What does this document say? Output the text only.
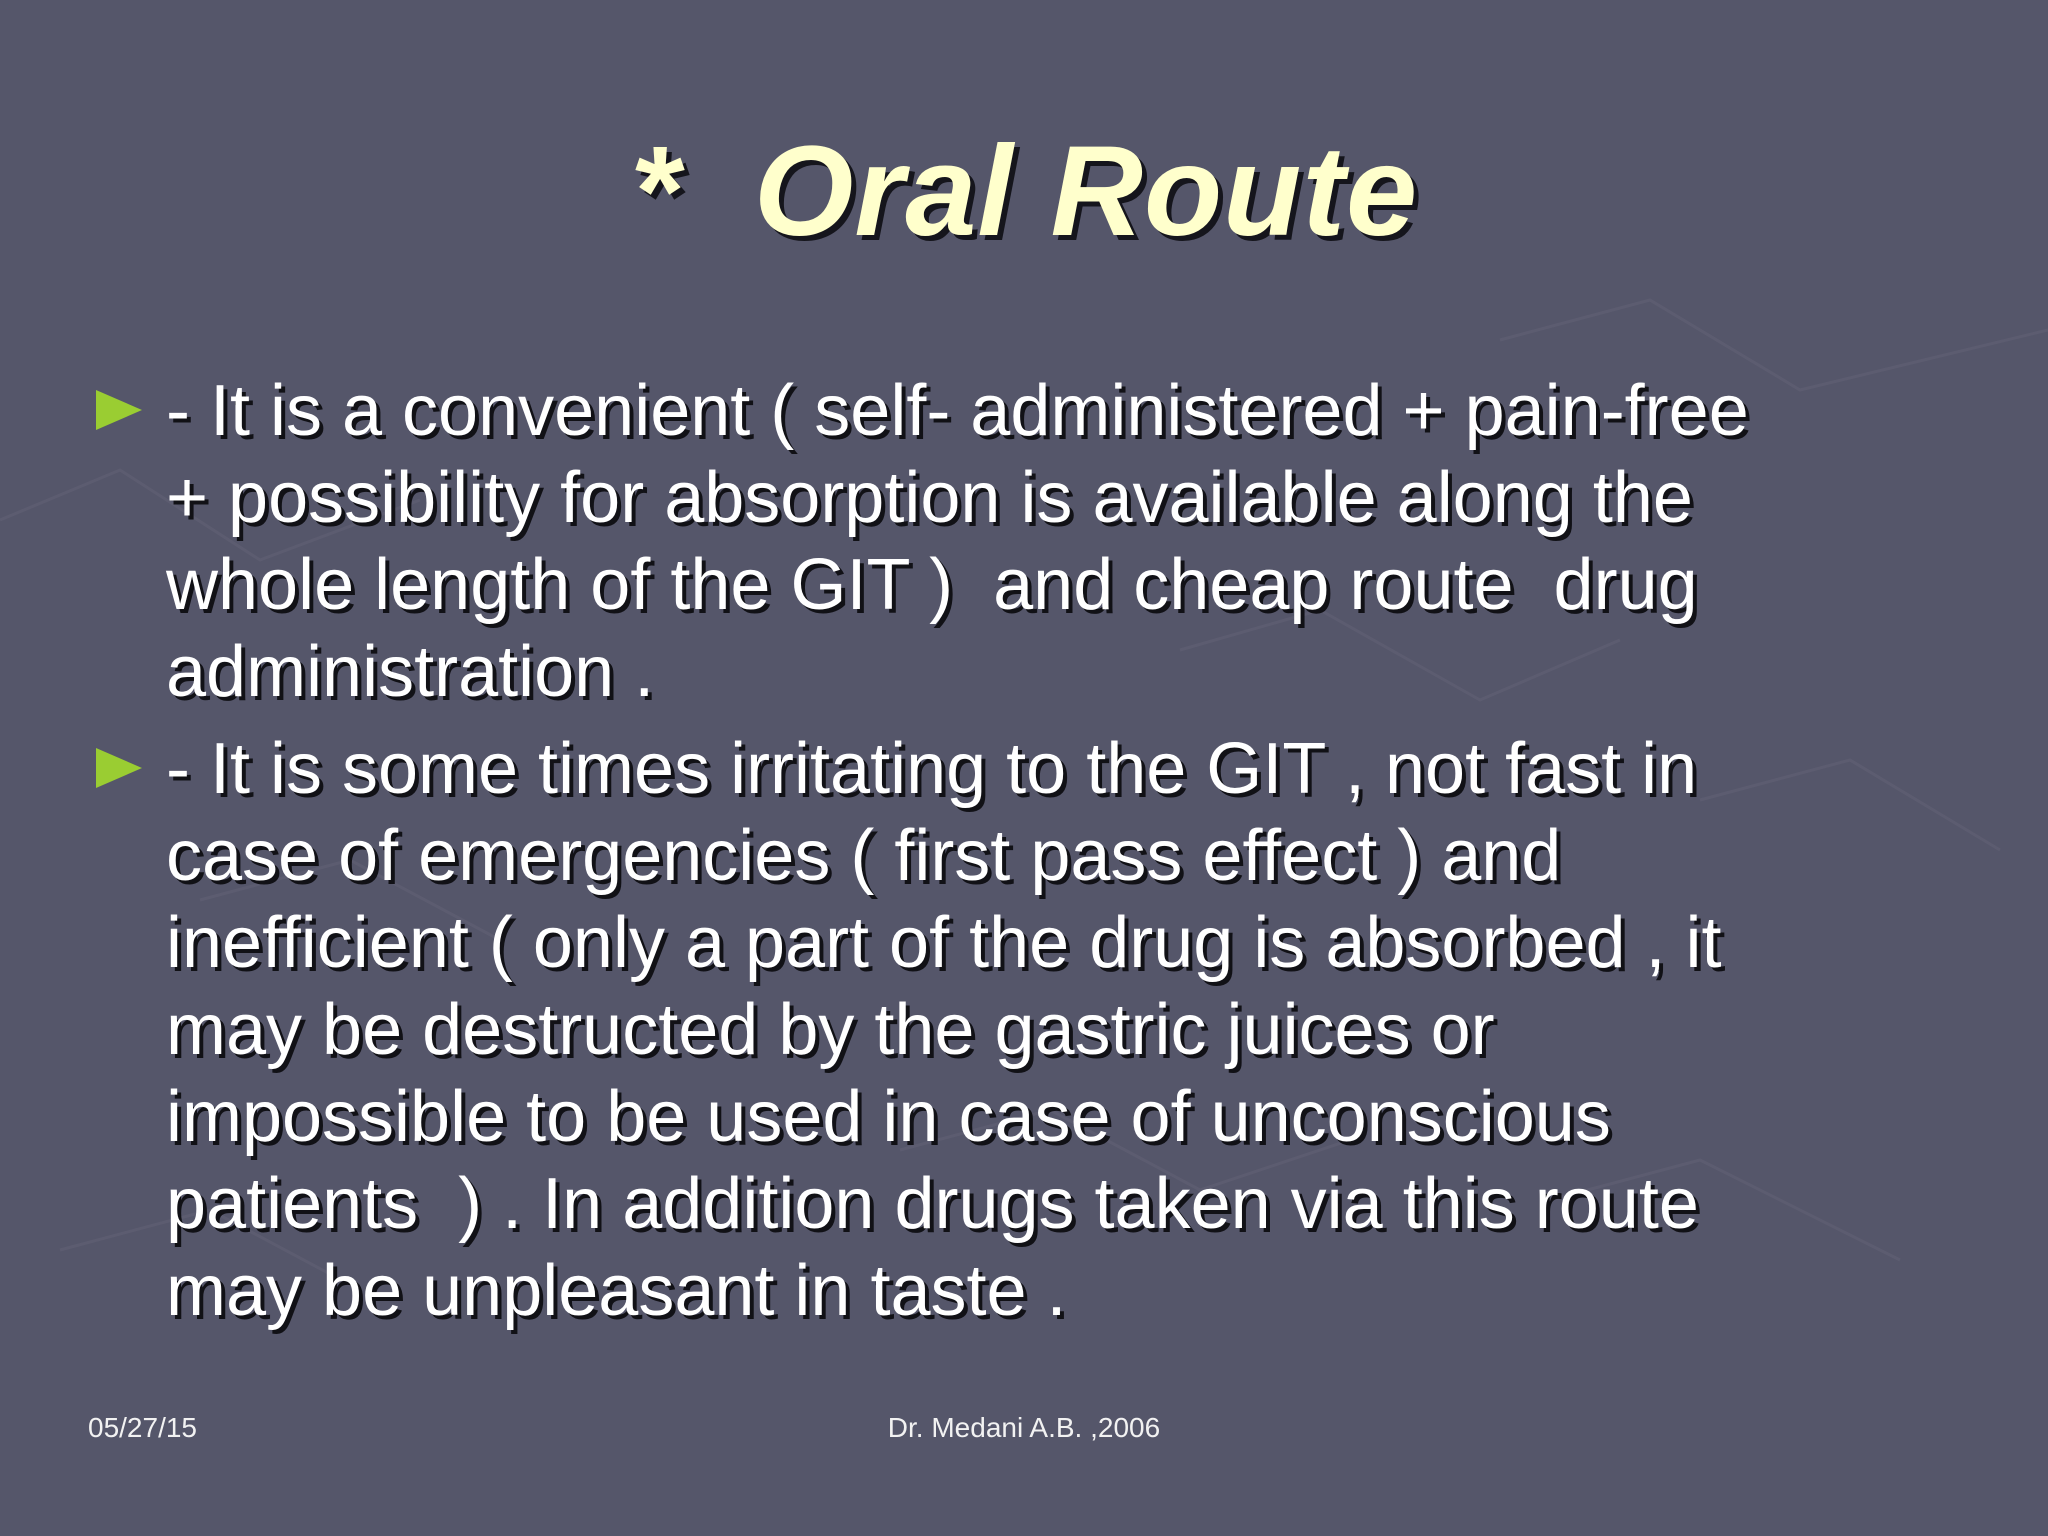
*  Oral Route
- It is a convenient ( self- administered + pain-free
+ possibility for absorption is available along the
whole length of the GIT )  and cheap route  drug
administration .
- It is some times irritating to the GIT , not fast in
case of emergencies ( first pass effect ) and
inefficient ( only a part of the drug is absorbed , it
may be destructed by the gastric juices or
impossible to be used in case of unconscious
patients  ) . In addition drugs taken via this route
may be unpleasant in taste .
05/27/15	Dr. Medani A.B. ,2006
